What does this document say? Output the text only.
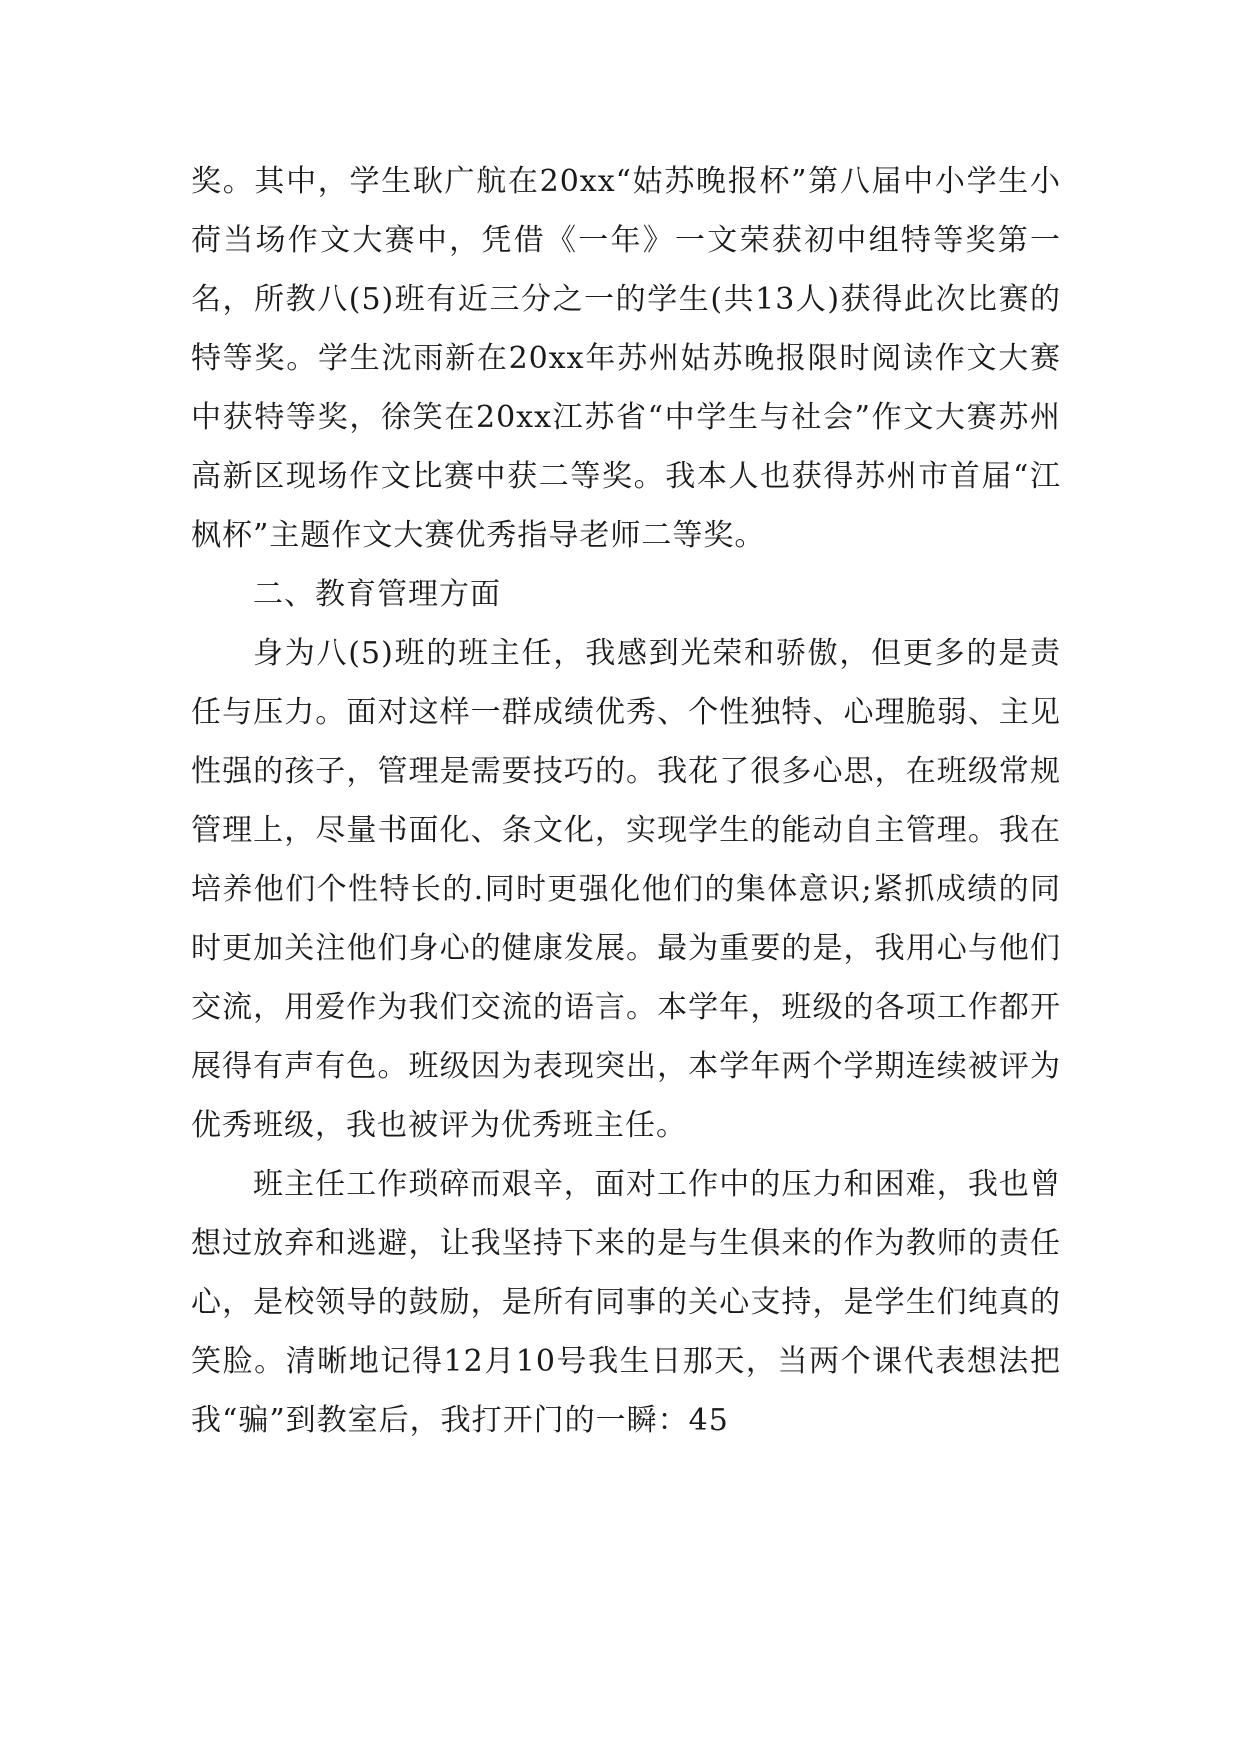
奖。其中，学生耿广航在20xx“姑苏晚报杯”第八届中小学生小荷当场作文大赛中，凭借《一年》一文荣获初中组特等奖第一名，所教八(5)班有近三分之一的学生(共13人)获得此次比赛的特等奖。学生沈雨新在20xx年苏州姑苏晚报限时阅读作文大赛中获特等奖，徐笑在20xx江苏省“中学生与社会”作文大赛苏州高新区现场作文比赛中获二等奖。我本人也获得苏州市首届“江枫杯”主题作文大赛优秀指导老师二等奖。

二、教育管理方面

身为八(5)班的班主任，我感到光荣和骄傲，但更多的是责任与压力。面对这样一群成绩优秀、个性独特、心理脆弱、主见性强的孩子，管理是需要技巧的。我花了很多心思，在班级常规管理上，尽量书面化、条文化，实现学生的能动自主管理。我在培养他们个性特长的.同时更强化他们的集体意识;紧抓成绩的同时更加关注他们身心的健康发展。最为重要的是，我用心与他们交流，用爱作为我们交流的语言。本学年，班级的各项工作都开展得有声有色。班级因为表现突出，本学年两个学期连续被评为优秀班级，我也被评为优秀班主任。

班主任工作琐碎而艰辛，面对工作中的压力和困难，我也曾想过放弃和逃避，让我坚持下来的是与生俱来的作为教师的责任心，是校领导的鼓励，是所有同事的关心支持，是学生们纯真的笑脸。清晰地记得12月10号我生日那天，当两个课代表想法把我“骗”到教室后，我打开门的一瞬：45
